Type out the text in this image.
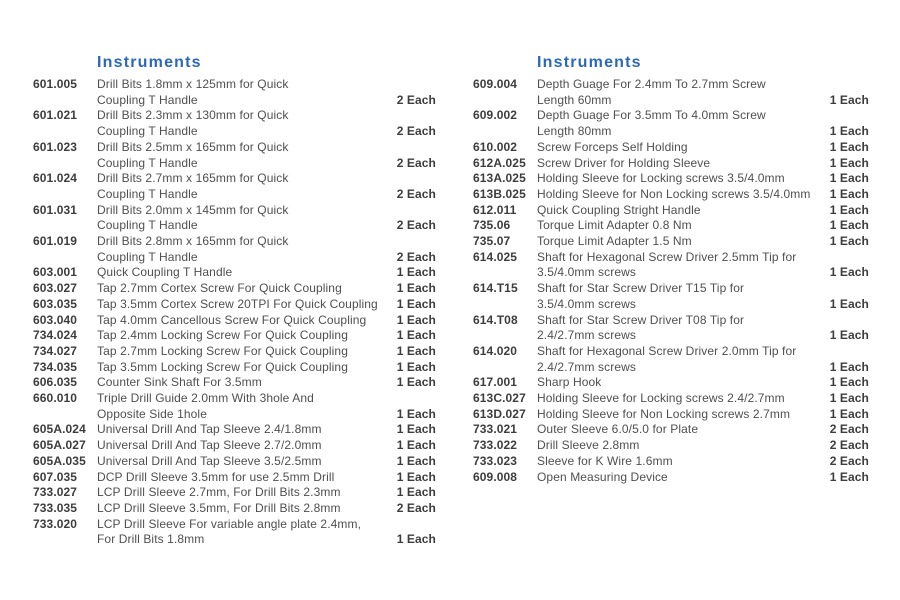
Instruments
601.005	Drill Bits 1.8mm x 125mm for Quick
Coupling T Handle	2 Each
601.021	Drill Bits 2.3mm x 130mm for Quick
Coupling T Handle	2 Each
601.023	Drill Bits 2.5mm x 165mm for Quick
Coupling T Handle	2 Each
601.024	Drill Bits 2.7mm x 165mm for Quick
Coupling T Handle	2 Each
601.031	Drill Bits 2.0mm x 145mm for Quick
Coupling T Handle	2 Each
601.019	Drill Bits 2.8mm x 165mm for Quick
Coupling T Handle	2 Each
603.001	Quick Coupling T Handle	1 Each
603.027	Tap 2.7mm Cortex Screw For Quick Coupling	1 Each
603.035	Tap 3.5mm Cortex Screw 20TPI For Quick Coupling	1 Each
603.040	Tap 4.0mm Cancellous Screw For Quick Coupling	1 Each
734.024	Tap 2.4mm Locking Screw For Quick Coupling	1 Each
734.027	Tap 2.7mm Locking Screw For Quick Coupling	1 Each
734.035	Tap 3.5mm Locking Screw For Quick Coupling	1 Each
606.035	Counter Sink Shaft For 3.5mm	1 Each
660.010	Triple Drill Guide 2.0mm With 3hole And
Opposite Side 1hole	1 Each
605A.024 Universal Drill And Tap Sleeve 2.4/1.8mm	1 Each
605A.027 Universal Drill And Tap Sleeve 2.7/2.0mm	1 Each
605A.035 Universal Drill And Tap Sleeve 3.5/2.5mm	1 Each
607.035	DCP Drill Sleeve 3.5mm for use 2.5mm Drill	1 Each
733.027	LCP Drill Sleeve 2.7mm, For Drill Bits 2.3mm	1 Each
733.035	LCP Drill Sleeve 3.5mm, For Drill Bits 2.8mm	2 Each
733.020	LCP Drill Sleeve For variable angle plate 2.4mm,
For Drill Bits 1.8mm	1 Each
Instruments
609.004	Depth Guage For 2.4mm To 2.7mm Screw
Length 60mm	1 Each
609.002	Depth Guage For 3.5mm To 4.0mm Screw
Length 80mm	1 Each
610.002	Screw Forceps Self Holding	1 Each
612A.025 Screw Driver for Holding Sleeve	1 Each
613A.025 Holding Sleeve for Locking screws 3.5/4.0mm	1 Each
613B.025 Holding Sleeve for Non Locking screws 3.5/4.0mm	1 Each
612.011	Quick Coupling Stright Handle	1 Each
735.06	Torque Limit Adapter 0.8 Nm	1 Each
735.07	Torque Limit Adapter 1.5 Nm	1 Each
614.025	Shaft for Hexagonal Screw Driver 2.5mm Tip for
3.5/4.0mm screws	1 Each
614.T15	Shaft for Star Screw Driver T15 Tip for
3.5/4.0mm screws	1 Each
614.T08	Shaft for Star Screw Driver T08 Tip for
2.4/2.7mm screws	1 Each
614.020	Shaft for Hexagonal Screw Driver 2.0mm Tip for
2.4/2.7mm screws	1 Each
617.001	Sharp Hook	1 Each
613C.027 Holding Sleeve for Locking screws 2.4/2.7mm	1 Each
613D.027 Holding Sleeve for Non Locking screws 2.7mm	1 Each
733.021	Outer Sleeve 6.0/5.0 for Plate	2 Each
733.022	Drill Sleeve 2.8mm	2 Each
733.023	Sleeve for K Wire 1.6mm	2 Each
609.008	Open Measuring Device	1 Each
